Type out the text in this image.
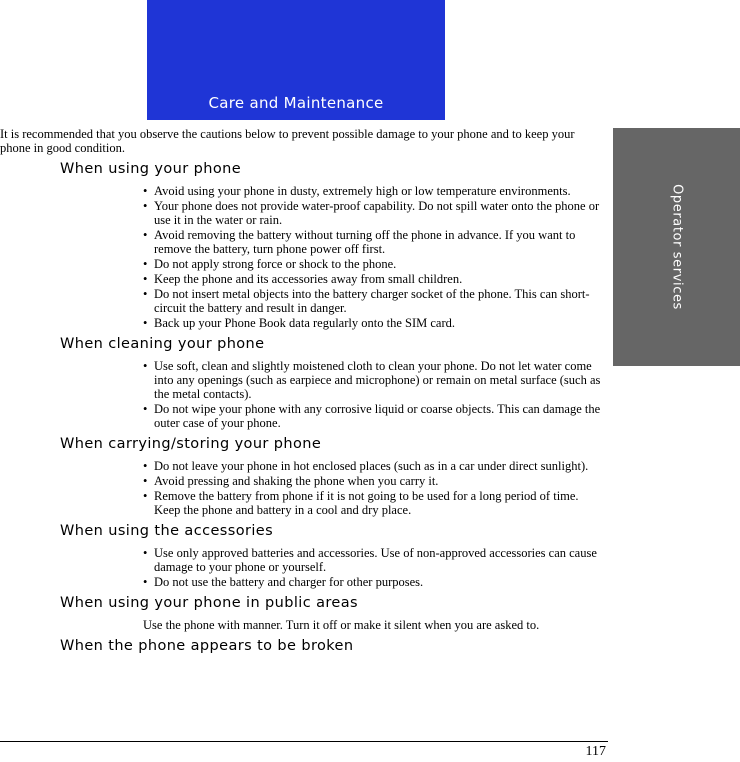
Care and Maintenance
Operator services

It is recommended that you observe the cautions below to prevent possible damage to your phone and to keep your phone in good condition.

When using your phone
• Avoid using your phone in dusty, extremely high or low temperature environments.
• Your phone does not provide water-proof capability. Do not spill water onto the phone or use it in the water or rain.
• Avoid removing the battery without turning off the phone in advance. If you want to remove the battery, turn phone power off first.
• Do not apply strong force or shock to the phone.
• Keep the phone and its accessories away from small children.
• Do not insert metal objects into the battery charger socket of the phone. This can short-circuit the battery and result in danger.
• Back up your Phone Book data regularly onto the SIM card.
When cleaning your phone
• Use soft, clean and slightly moistened cloth to clean your phone. Do not let water come into any openings (such as earpiece and microphone) or remain on metal surface (such as the metal contacts).
• Do not wipe your phone with any corrosive liquid or coarse objects. This can damage the outer case of your phone.
When carrying/storing your phone
• Do not leave your phone in hot enclosed places (such as in a car under direct sunlight).
• Avoid pressing and shaking the phone when you carry it.
• Remove the battery from phone if it is not going to be used for a long period of time. Keep the phone and battery in a cool and dry place.
When using the accessories
• Use only approved batteries and accessories. Use of non-approved accessories can cause damage to your phone or yourself.
• Do not use the battery and charger for other purposes.
When using your phone in public areas

Use the phone with manner. Turn it off or make it silent when you are asked to.

When the phone appears to be broken
117
